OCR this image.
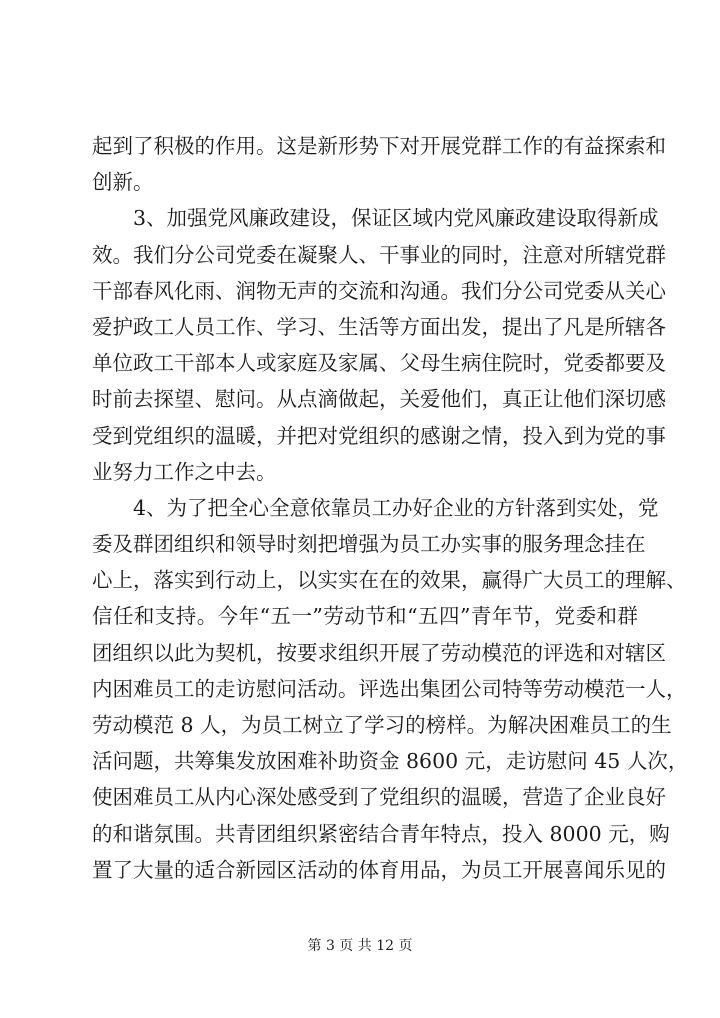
起到了积极的作用。这是新形势下对开展党群工作的有益探索和
创新。
3、加强党风廉政建设，保证区域内党风廉政建设取得新成
效。我们分公司党委在凝聚人、干事业的同时，注意对所辖党群
干部春风化雨、润物无声的交流和沟通。我们分公司党委从关心
爱护政工人员工作、学习、生活等方面出发，提出了凡是所辖各
单位政工干部本人或家庭及家属、父母生病住院时，党委都要及
时前去探望、慰问。从点滴做起，关爱他们，真正让他们深切感
受到党组织的温暖，并把对党组织的感谢之情，投入到为党的事
业努力工作之中去。
4、为了把全心全意依靠员工办好企业的方针落到实处，党
委及群团组织和领导时刻把增强为员工办实事的服务理念挂在
心上，落实到行动上，以实实在在的效果，赢得广大员工的理解、
信任和支持。今年“五一”劳动节和“五四”青年节，党委和群
团组织以此为契机，按要求组织开展了劳动模范的评选和对辖区
内困难员工的走访慰问活动。评选出集团公司特等劳动模范一人，
劳动模范 8 人，为员工树立了学习的榜样。为解决困难员工的生
活问题，共筹集发放困难补助资金 8600 元，走访慰问 45 人次，
使困难员工从内心深处感受到了党组织的温暖，营造了企业良好
的和谐氛围。共青团组织紧密结合青年特点，投入 8000 元，购
置了大量的适合新园区活动的体育用品，为员工开展喜闻乐见的
第 3 页 共 12 页
